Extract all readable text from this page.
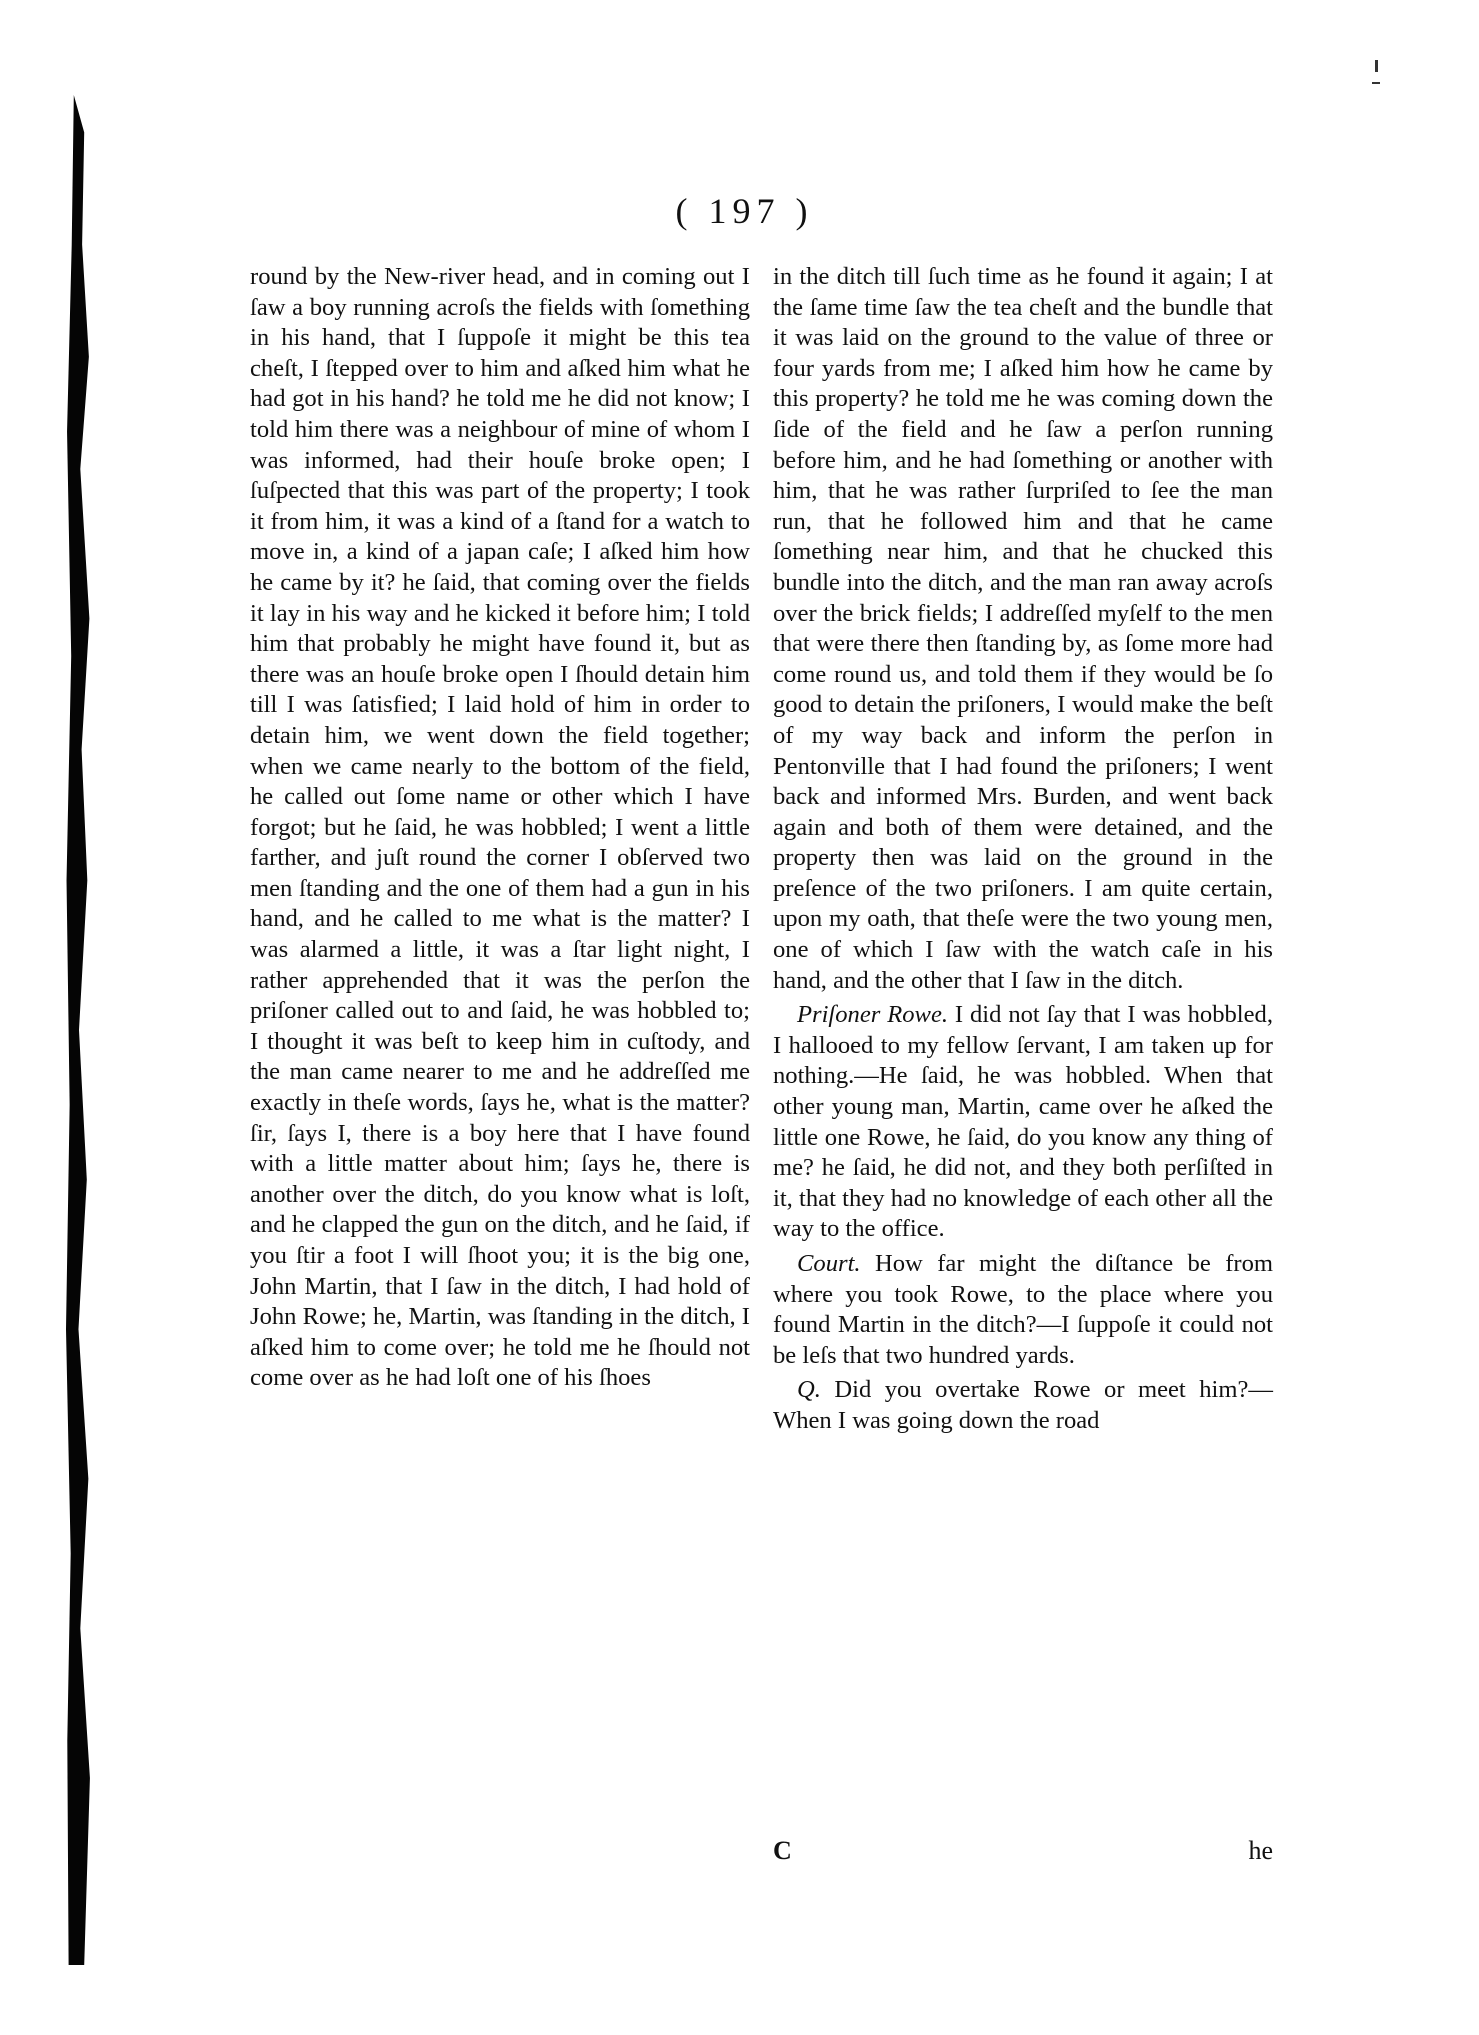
( 197 )

round by the New-river head, and in coming out I ſaw a boy running acroſs the fields with ſomething in his hand, that I ſuppoſe it might be this tea cheſt, I ſtepped over to him and aſked him what he had got in his hand? he told me he did not know; I told him there was a neighbour of mine of whom I was informed, had their houſe broke open; I ſuſpected that this was part of the property; I took it from him, it was a kind of a ſtand for a watch to move in, a kind of a japan caſe; I aſked him how he came by it? he ſaid, that coming over the fields it lay in his way and he kicked it before him; I told him that probably he might have found it, but as there was an houſe broke open I ſhould detain him till I was ſatisfied; I laid hold of him in order to detain him, we went down the field together; when we came nearly to the bottom of the field, he called out ſome name or other which I have forgot; but he ſaid, he was hobbled; I went a little farther, and juſt round the corner I obſerved two men ſtanding and the one of them had a gun in his hand, and he called to me what is the matter? I was alarmed a little, it was a ſtar light night, I rather apprehended that it was the perſon the priſoner called out to and ſaid, he was hobbled to; I thought it was beſt to keep him in cuſtody, and the man came nearer to me and he addreſſed me exactly in theſe words, ſays he, what is the matter? ſir, ſays I, there is a boy here that I have found with a little matter about him; ſays he, there is another over the ditch, do you know what is loſt, and he clapped the gun on the ditch, and he ſaid, if you ſtir a foot I will ſhoot you; it is the big one, John Martin, that I ſaw in the ditch, I had hold of John Rowe; he, Martin, was ſtanding in the ditch, I aſked him to come over; he told me he ſhould not come over as he had loſt one of his ſhoes

in the ditch till ſuch time as he found it again; I at the ſame time ſaw the tea cheſt and the bundle that it was laid on the ground to the value of three or four yards from me; I aſked him how he came by this property? he told me he was coming down the ſide of the field and he ſaw a perſon running before him, and he had ſomething or another with him, that he was rather ſurpriſed to ſee the man run, that he followed him and that he came ſomething near him, and that he chucked this bundle into the ditch, and the man ran away acroſs over the brick fields; I addreſſed myſelf to the men that were there then ſtanding by, as ſome more had come round us, and told them if they would be ſo good to detain the priſoners, I would make the beſt of my way back and inform the perſon in Pentonville that I had found the priſoners; I went back and informed Mrs. Burden, and went back again and both of them were detained, and the property then was laid on the ground in the preſence of the two priſoners. I am quite certain, upon my oath, that theſe were the two young men, one of which I ſaw with the watch caſe in his hand, and the other that I ſaw in the ditch.

Priſoner Rowe. I did not ſay that I was hobbled, I hallooed to my fellow ſervant, I am taken up for nothing.—He ſaid, he was hobbled. When that other young man, Martin, came over he aſked the little one Rowe, he ſaid, do you know any thing of me? he ſaid, he did not, and they both perſiſted in it, that they had no knowledge of each other all the way to the office.

Court. How far might the diſtance be from where you took Rowe, to the place where you found Martin in the ditch?—I ſuppoſe it could not be leſs that two hundred yards.

Q. Did you overtake Rowe or meet him?—When I was going down the road

C	he
